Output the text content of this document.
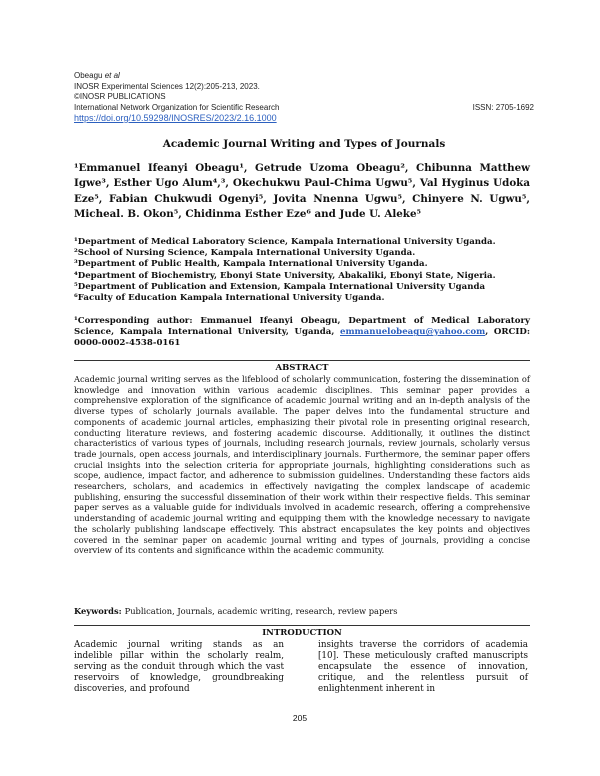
Obeagu et al
INOSR Experimental Sciences 12(2):205-213, 2023.
©INOSR PUBLICATIONS
International Network Organization for Scientific Research	ISSN: 2705-1692
https://doi.org/10.59298/INOSRES/2023/2.16.1000
Academic Journal Writing and Types of Journals
¹Emmanuel Ifeanyi Obeagu¹, Getrude Uzoma Obeagu², Chibunna Matthew Igwe³, Esther Ugo Alum⁴,³, Okechukwu Paul-Chima Ugwu⁵, Val Hyginus Udoka Eze⁵, Fabian Chukwudi Ogenyi⁵, Jovita Nnenna Ugwu⁵, Chinyere N. Ugwu⁵, Micheal. B. Okon⁵, Chidinma Esther Eze⁶ and Jude U. Aleke⁵
¹Department of Medical Laboratory Science, Kampala International University Uganda.
²School of Nursing Science, Kampala International University Uganda.
³Department of Public Health, Kampala International University Uganda.
⁴Department of Biochemistry, Ebonyi State University, Abakaliki, Ebonyi State, Nigeria.
⁵Department of Publication and Extension, Kampala International University Uganda
⁶Faculty of Education Kampala International University Uganda.
¹Corresponding author: Emmanuel Ifeanyi Obeagu, Department of Medical Laboratory Science, Kampala International University, Uganda, emmanuelobeagu@yahoo.com, ORCID: 0000-0002-4538-0161
ABSTRACT
Academic journal writing serves as the lifeblood of scholarly communication, fostering the dissemination of knowledge and innovation within various academic disciplines. This seminar paper provides a comprehensive exploration of the significance of academic journal writing and an in-depth analysis of the diverse types of scholarly journals available. The paper delves into the fundamental structure and components of academic journal articles, emphasizing their pivotal role in presenting original research, conducting literature reviews, and fostering academic discourse. Additionally, it outlines the distinct characteristics of various types of journals, including research journals, review journals, scholarly versus trade journals, open access journals, and interdisciplinary journals. Furthermore, the seminar paper offers crucial insights into the selection criteria for appropriate journals, highlighting considerations such as scope, audience, impact factor, and adherence to submission guidelines. Understanding these factors aids researchers, scholars, and academics in effectively navigating the complex landscape of academic publishing, ensuring the successful dissemination of their work within their respective fields. This seminar paper serves as a valuable guide for individuals involved in academic research, offering a comprehensive understanding of academic journal writing and equipping them with the knowledge necessary to navigate the scholarly publishing landscape effectively. This abstract encapsulates the key points and objectives covered in the seminar paper on academic journal writing and types of journals, providing a concise overview of its contents and significance within the academic community.
Keywords: Publication, Journals, academic writing, research, review papers
INTRODUCTION
Academic journal writing stands as an indelible pillar within the scholarly realm, serving as the conduit through which the vast reservoirs of knowledge, groundbreaking discoveries, and profound
insights traverse the corridors of academia [10]. These meticulously crafted manuscripts encapsulate the essence of innovation, critique, and the relentless pursuit of enlightenment inherent in
205
